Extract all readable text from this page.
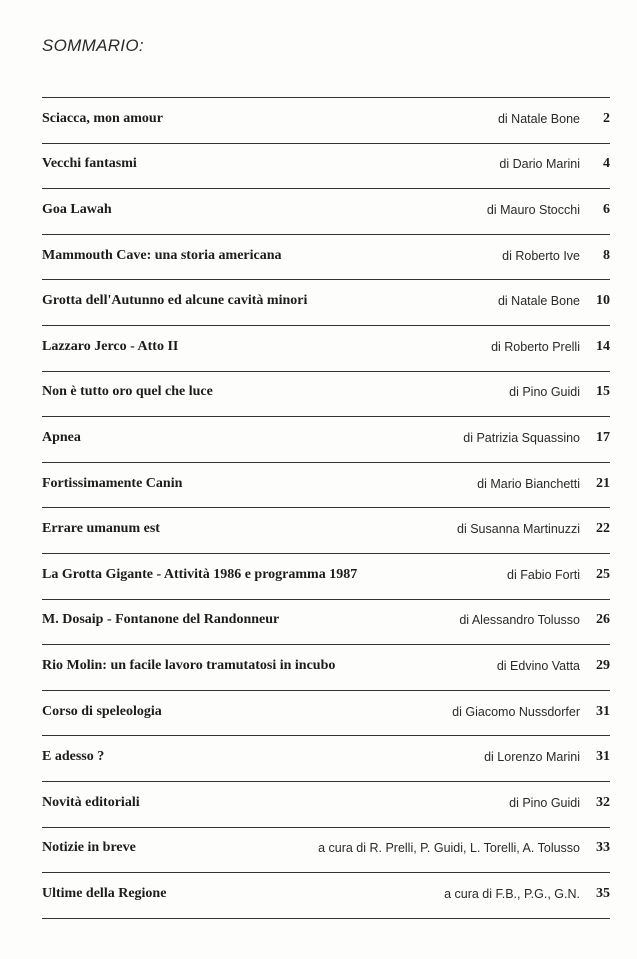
SOMMARIO:
Sciacca, mon amour	di Natale Bone	2
Vecchi fantasmi	di Dario Marini	4
Goa Lawah	di Mauro Stocchi	6
Mammouth Cave: una storia americana	di Roberto Ive	8
Grotta dell'Autunno ed alcune cavità minori	di Natale Bone	10
Lazzaro Jerco - Atto II	di Roberto Prelli	14
Non è tutto oro quel che luce	di Pino Guidi	15
Apnea	di Patrizia Squassino	17
Fortissimamente Canin	di Mario Bianchetti	21
Errare umanum est	di Susanna Martinuzzi	22
La Grotta Gigante - Attività 1986 e programma 1987	di Fabio Forti	25
M. Dosaip - Fontanone del Randonneur	di Alessandro Tolusso	26
Rio Molin: un facile lavoro tramutatosi in incubo	di Edvino Vatta	29
Corso di speleologia	di Giacomo Nussdorfer	31
E adesso ?	di Lorenzo Marini	31
Novità editoriali	di Pino Guidi	32
Notizie in breve	a cura di R. Prelli, P. Guidi, L. Torelli, A. Tolusso	33
Ultime della Regione	a cura di F.B., P.G., G.N.	35
